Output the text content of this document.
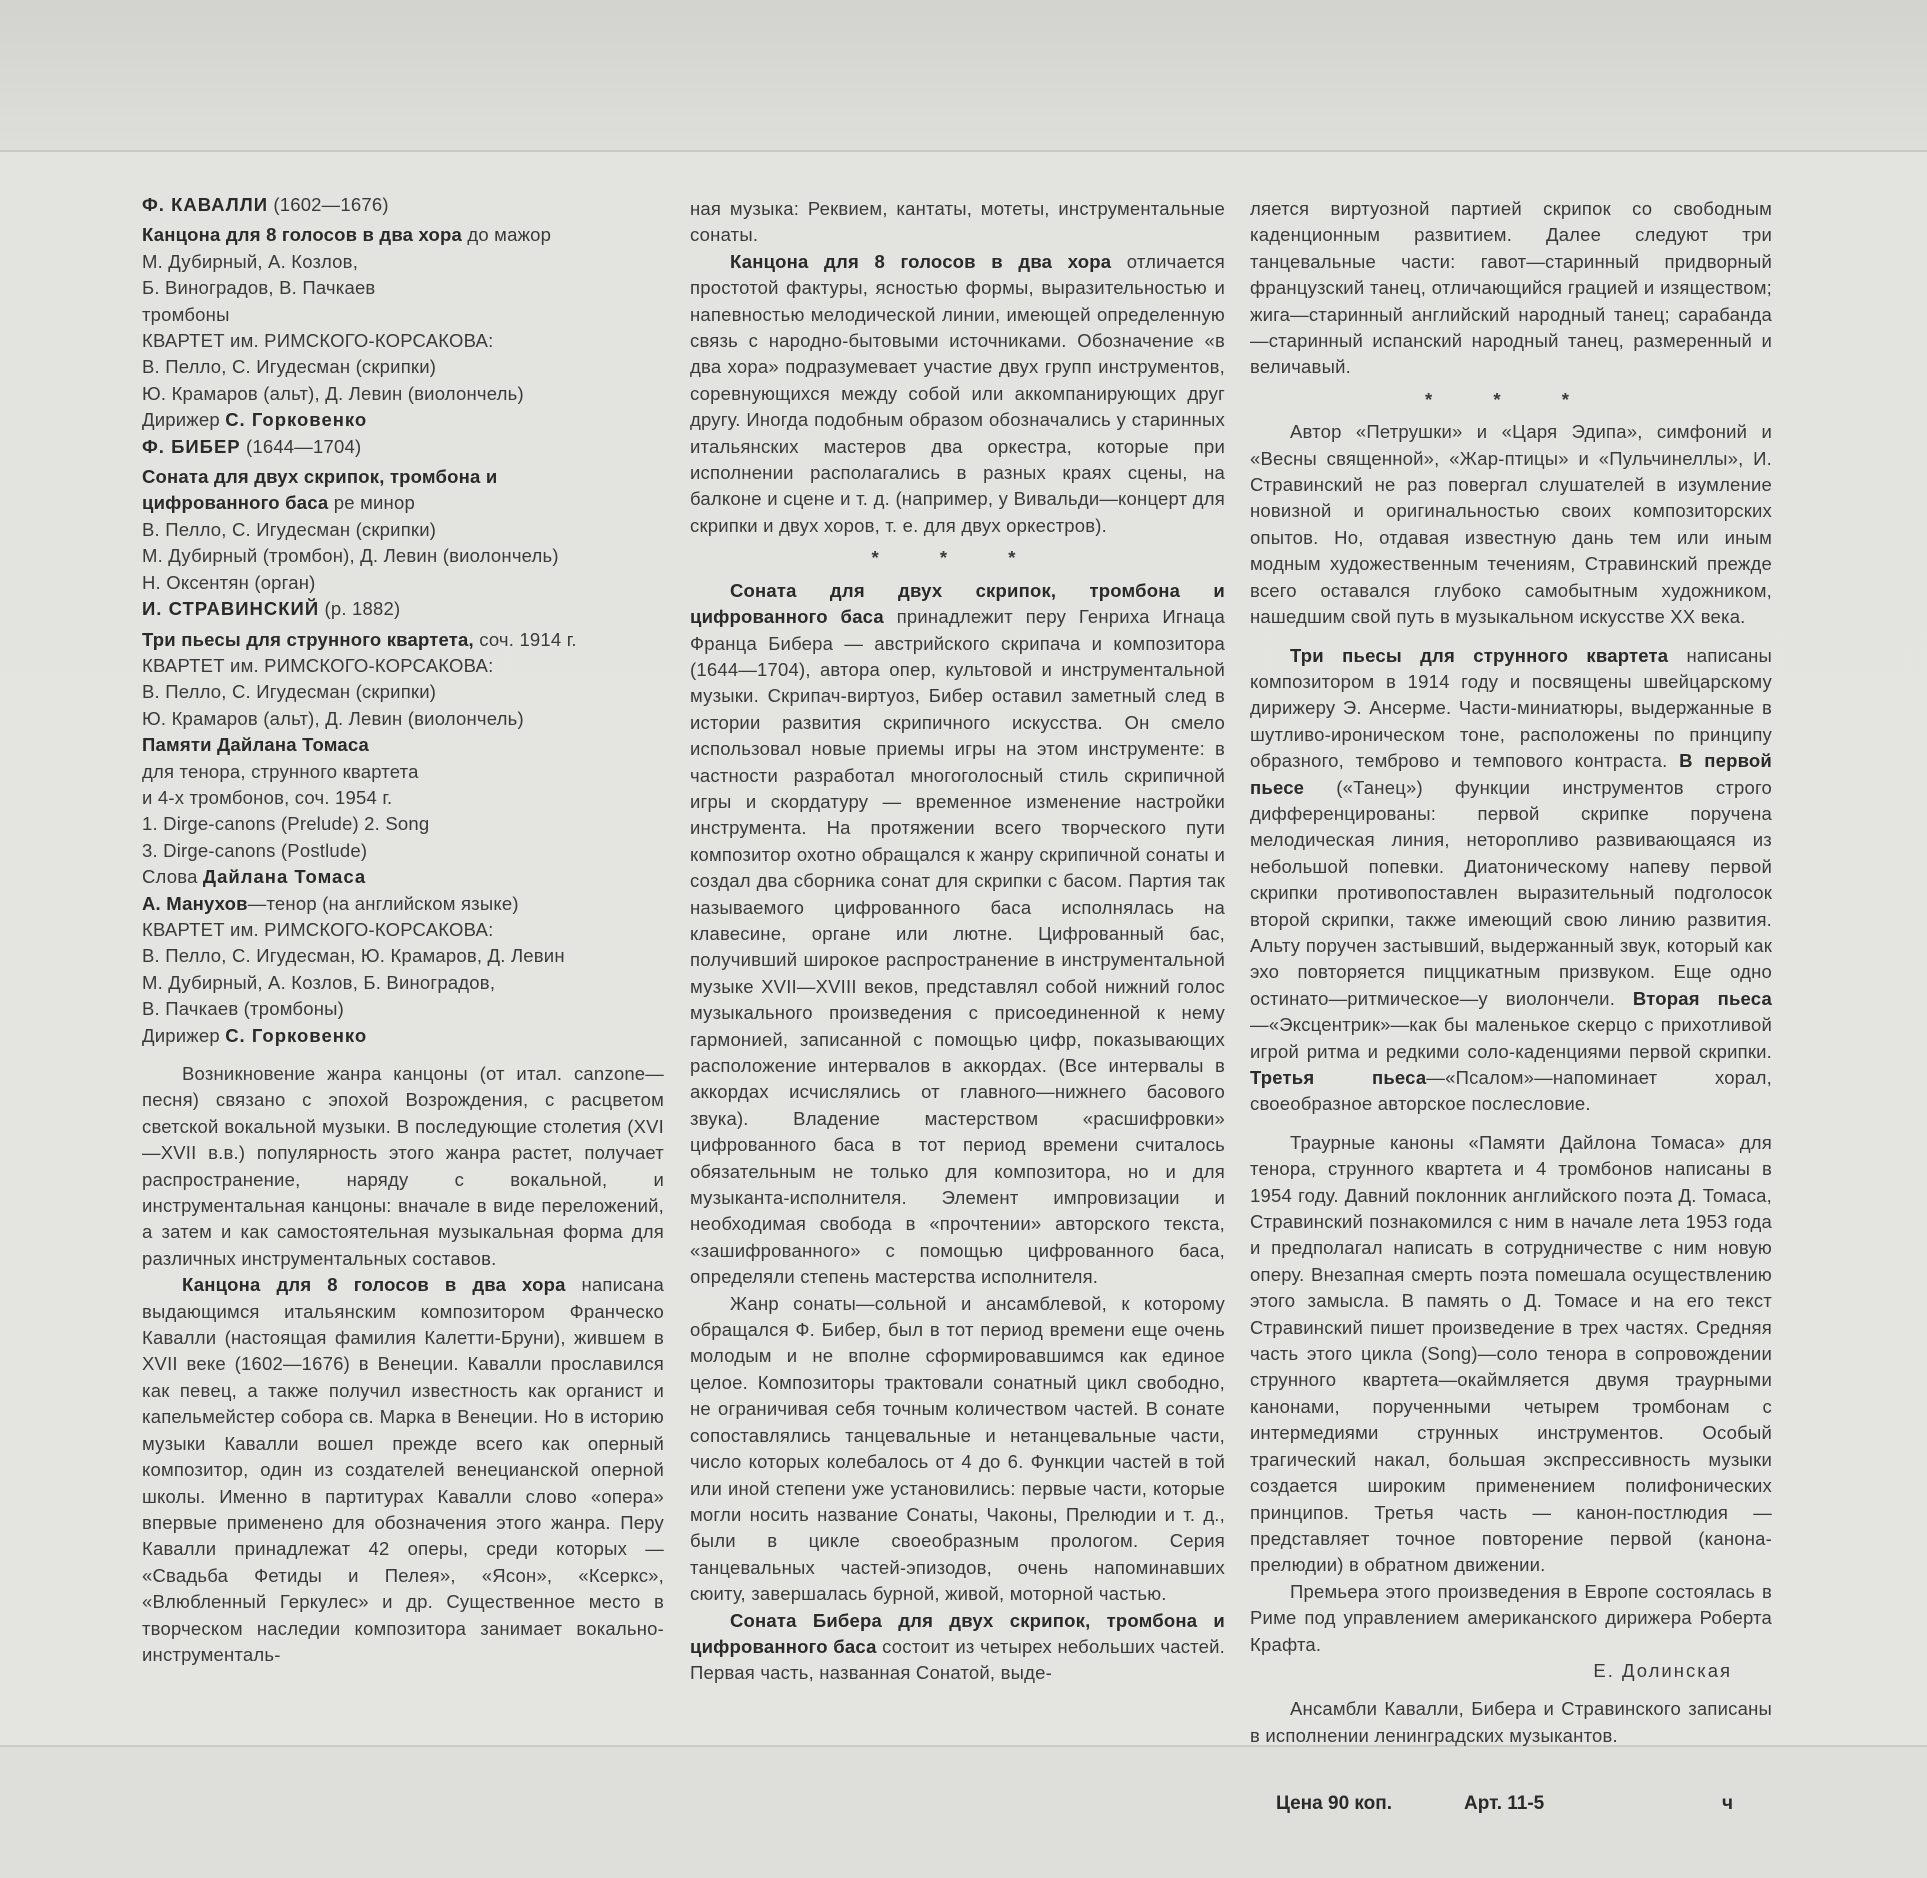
Ф. КАВАЛЛИ (1602—1676)

Канцона для 8 голосов в два хора до мажор

М. Дубирный, А. Козлов,

Б. Виноградов, В. Пачкаев

тромбоны

КВАРТЕТ им. РИМСКОГО-КОРСАКОВА:

В. Пелло, С. Игудесман (скрипки)

Ю. Крамаров (альт), Д. Левин (виолончель)

Дирижер С. Горковенко

Ф. БИБЕР (1644—1704)

Соната для двух скрипок, тромбона и

цифрованного баса ре минор

В. Пелло, С. Игудесман (скрипки)

М. Дубирный (тромбон), Д. Левин (виолончель)

Н. Оксентян (орган)

И. СТРАВИНСКИЙ (р. 1882)

Три пьесы для струнного квартета, соч. 1914 г.

КВАРТЕТ им. РИМСКОГО-КОРСАКОВА:

В. Пелло, С. Игудесман (скрипки)

Ю. Крамаров (альт), Д. Левин (виолончель)

Памяти Дайлана Томаса

для тенора, струнного квартета

и 4-х тромбонов, соч. 1954 г.

1. Dirge-canons (Prelude) 2. Song

3. Dirge-canons (Postlude)

Слова Дайлана Томаса

А. Манухов—тенор (на английском языке)

КВАРТЕТ им. РИМСКОГО-КОРСАКОВА:

В. Пелло, С. Игудесман, Ю. Крамаров, Д. Левин

М. Дубирный, А. Козлов, Б. Виноградов,

В. Пачкаев (тромбоны)

Дирижер С. Горковенко

Возникновение жанра канцоны (от итал. canzone—песня) связано с эпохой Возрождения, с расцветом светской вокальной музыки. В последующие столетия (XVI—XVII в.в.) популярность этого жанра растет, получает распространение, наряду с вокальной, и инструментальная канцоны: вначале в виде переложений, а затем и как самостоятельная музыкальная форма для различных инструментальных составов.

Канцона для 8 голосов в два хора написана выдающимся итальянским композитором Франческо Кавалли (настоящая фамилия Калетти-Бруни), жившем в XVII веке (1602—1676) в Венеции. Кавалли прославился как певец, а также получил известность как органист и капельмейстер собора св. Марка в Венеции. Но в историю музыки Кавалли вошел прежде всего как оперный композитор, один из создателей венецианской оперной школы. Именно в партитурах Кавалли слово «опера» впервые применено для обозначения этого жанра. Перу Кавалли принадлежат 42 оперы, среди которых — «Свадьба Фетиды и Пелея», «Ясон», «Ксеркс», «Влюбленный Геркулес» и др. Существенное место в творческом наследии композитора занимает вокально-инструменталь-

ная музыка: Реквием, кантаты, мотеты, инструментальные сонаты.

Канцона для 8 голосов в два хора отличается простотой фактуры, ясностью формы, выразительностью и напевностью мелодической линии, имеющей определенную связь с народно-бытовыми источниками. Обозначение «в два хора» подразумевает участие двух групп инструментов, соревнующихся между собой или аккомпанирующих друг другу. Иногда подобным образом обозначались у старинных итальянских мастеров два оркестра, которые при исполнении располагались в разных краях сцены, на балконе и сцене и т. д. (например, у Вивальди—концерт для скрипки и двух хоров, т. е. для двух оркестров).

* * *

Соната для двух скрипок, тромбона и цифрованного баса принадлежит перу Генриха Игнаца Франца Бибера — австрийского скрипача и композитора (1644—1704), автора опер, культовой и инструментальной музыки. Скрипач-виртуоз, Бибер оставил заметный след в истории развития скрипичного искусства. Он смело использовал новые приемы игры на этом инструменте: в частности разработал многоголосный стиль скрипичной игры и скордатуру — временное изменение настройки инструмента. На протяжении всего творческого пути композитор охотно обращался к жанру скрипичной сонаты и создал два сборника сонат для скрипки с басом. Партия так называемого цифрованного баса исполнялась на клавесине, органе или лютне. Цифрованный бас, получивший широкое распространение в инструментальной музыке XVII—XVIII веков, представлял собой нижний голос музыкального произведения с присоединенной к нему гармонией, записанной с помощью цифр, показывающих расположение интервалов в аккордах. (Все интервалы в аккордах исчислялись от главного—нижнего басового звука). Владение мастерством «расшифровки» цифрованного баса в тот период времени считалось обязательным не только для композитора, но и для музыканта-исполнителя. Элемент импровизации и необходимая свобода в «прочтении» авторского текста, «зашифрованного» с помощью цифрованного баса, определяли степень мастерства исполнителя.

Жанр сонаты—сольной и ансамблевой, к которому обращался Ф. Бибер, был в тот период времени еще очень молодым и не вполне сформировавшимся как единое целое. Композиторы трактовали сонатный цикл свободно, не ограничивая себя точным количеством частей. В сонате сопоставлялись танцевальные и нетанцевальные части, число которых колебалось от 4 до 6. Функции частей в той или иной степени уже установились: первые части, которые могли носить название Сонаты, Чаконы, Прелюдии и т. д., были в цикле своеобразным прологом. Серия танцевальных частей-эпизодов, очень напоминавших сюиту, завершалась бурной, живой, моторной частью.

Соната Бибера для двух скрипок, тромбона и цифрованного баса состоит из четырех небольших частей. Первая часть, названная Сонатой, выде-

ляется виртуозной партией скрипок со свободным каденционным развитием. Далее следуют три танцевальные части: гавот—старинный придворный французский танец, отличающийся грацией и изяществом; жига—старинный английский народный танец; сарабанда—старинный испанский народный танец, размеренный и величавый.

* * *

Автор «Петрушки» и «Царя Эдипа», симфоний и «Весны священной», «Жар-птицы» и «Пульчинеллы», И. Стравинский не раз повергал слушателей в изумление новизной и оригинальностью своих композиторских опытов. Но, отдавая известную дань тем или иным модным художественным течениям, Стравинский прежде всего оставался глубоко самобытным художником, нашедшим свой путь в музыкальном искусстве XX века.

Три пьесы для струнного квартета написаны композитором в 1914 году и посвящены швейцарскому дирижеру Э. Ансерме. Части-миниатюры, выдержанные в шутливо-ироническом тоне, расположены по принципу образного, темброво и темпового контраста. В первой пьесе («Танец») функции инструментов строго дифференцированы: первой скрипке поручена мелодическая линия, неторопливо развивающаяся из небольшой попевки. Диатоническому напеву первой скрипки противопоставлен выразительный подголосок второй скрипки, также имеющий свою линию развития. Альту поручен застывший, выдержанный звук, который как эхо повторяется пиццикатным призвуком. Еще одно остинато—ритмическое—у виолончели. Вторая пьеса—«Эксцентрик»—как бы маленькое скерцо с прихотливой игрой ритма и редкими соло-каденциями первой скрипки. Третья пьеса—«Псалом»—напоминает хорал, своеобразное авторское послесловие.

Траурные каноны «Памяти Дайлона Томаса» для тенора, струнного квартета и 4 тромбонов написаны в 1954 году. Давний поклонник английского поэта Д. Томаса, Стравинский познакомился с ним в начале лета 1953 года и предполагал написать в сотрудничестве с ним новую оперу. Внезапная смерть поэта помешала осуществлению этого замысла. В память о Д. Томасе и на его текст Стравинский пишет произведение в трех частях. Средняя часть этого цикла (Song)—соло тенора в сопровождении струнного квартета—окаймляется двумя траурными канонами, порученными четырем тромбонам с интермедиями струнных инструментов. Особый трагический накал, большая экспрессивность музыки создается широким применением полифонических принципов. Третья часть — канон-постлюдия — представляет точное повторение первой (канона-прелюдии) в обратном движении.

Премьера этого произведения в Европе состоялась в Риме под управлением американского дирижера Роберта Крафта.

Е. Долинская

Ансамбли Кавалли, Бибера и Стравинского записаны в исполнении ленинградских музыкантов.

Цена 90 коп.	Арт. 11-5	ч
